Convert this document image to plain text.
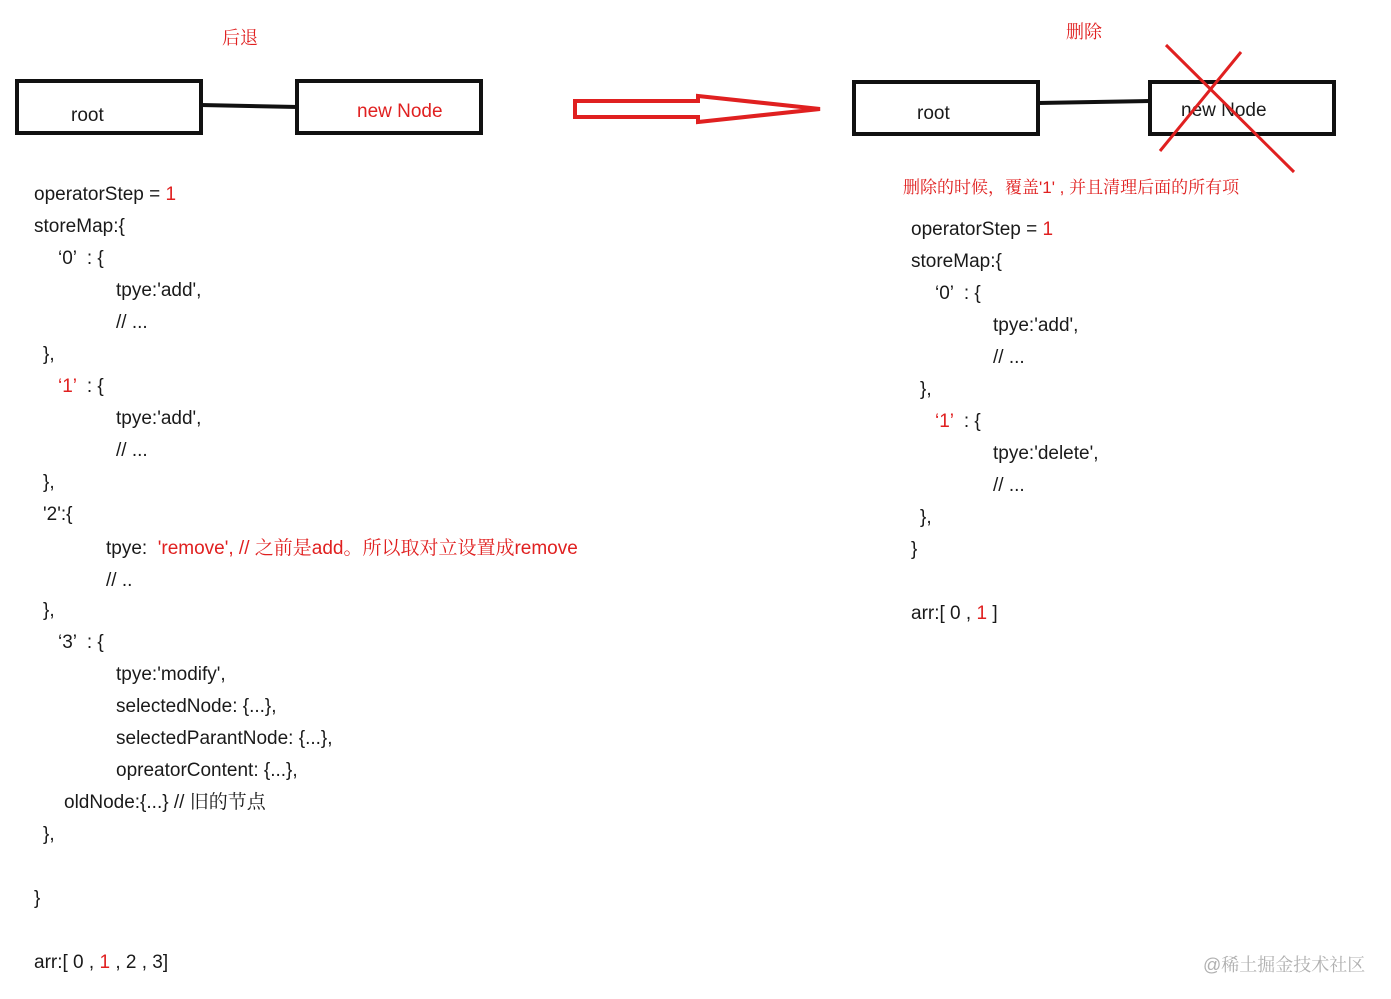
后退	删除
root	new Node	root	new Node
删除的时候，覆盖'1' , 并且清理后面的所有项
operatorStep = 1
storeMap:{
‘0’  : {
tpye:'add',
// ...
},
‘1’  : {
tpye:'add',
// ...
},
'2':{
tpye:  'remove', // 之前是add。所以取对立设置成remove
// ..
},
‘3’  : {
tpye:'modify',
selectedNode: {...},
selectedParantNode: {...},
opreatorContent: {...},
oldNode:{...} // 旧的节点
},
}
arr:[ 0 , 1 , 2 , 3]
operatorStep = 1
storeMap:{
‘0’  : {
tpye:'add',
// ...
},
‘1’  : {
tpye:'delete',
// ...
},
}
arr:[ 0 , 1 ]
@稀土掘金技术社区
